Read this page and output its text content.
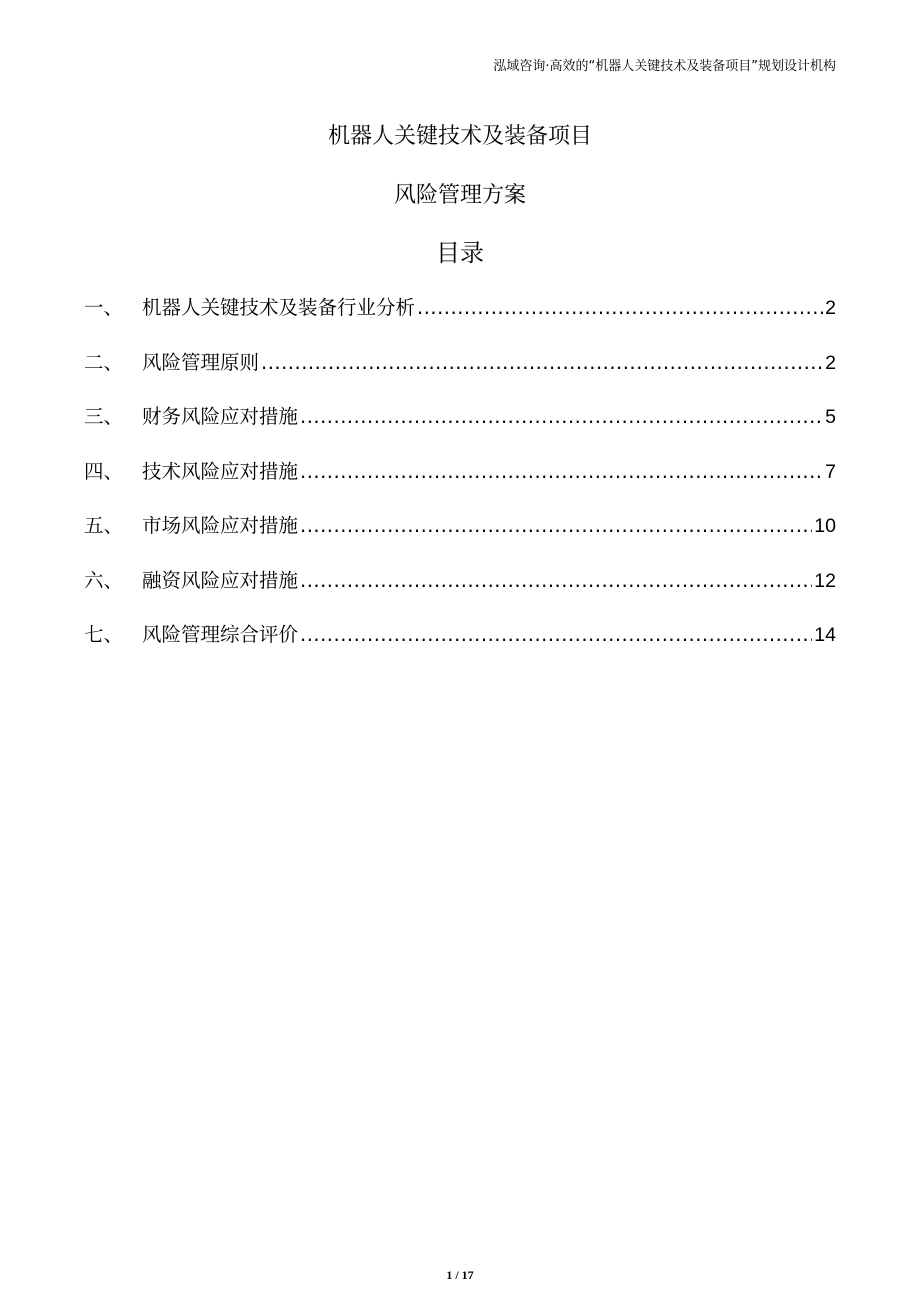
泓域咨询·高效的“机器人关键技术及装备项目”规划设计机构
机器人关键技术及装备项目
风险管理方案
目录
一、 机器人关键技术及装备行业分析 .....	2
二、 风险管理原则 .....	2
三、 财务风险应对措施 .....	5
四、 技术风险应对措施 .....	7
五、 市场风险应对措施 .....	10
六、 融资风险应对措施 .....	12
七、 风险管理综合评价 .....	14
1 / 17
